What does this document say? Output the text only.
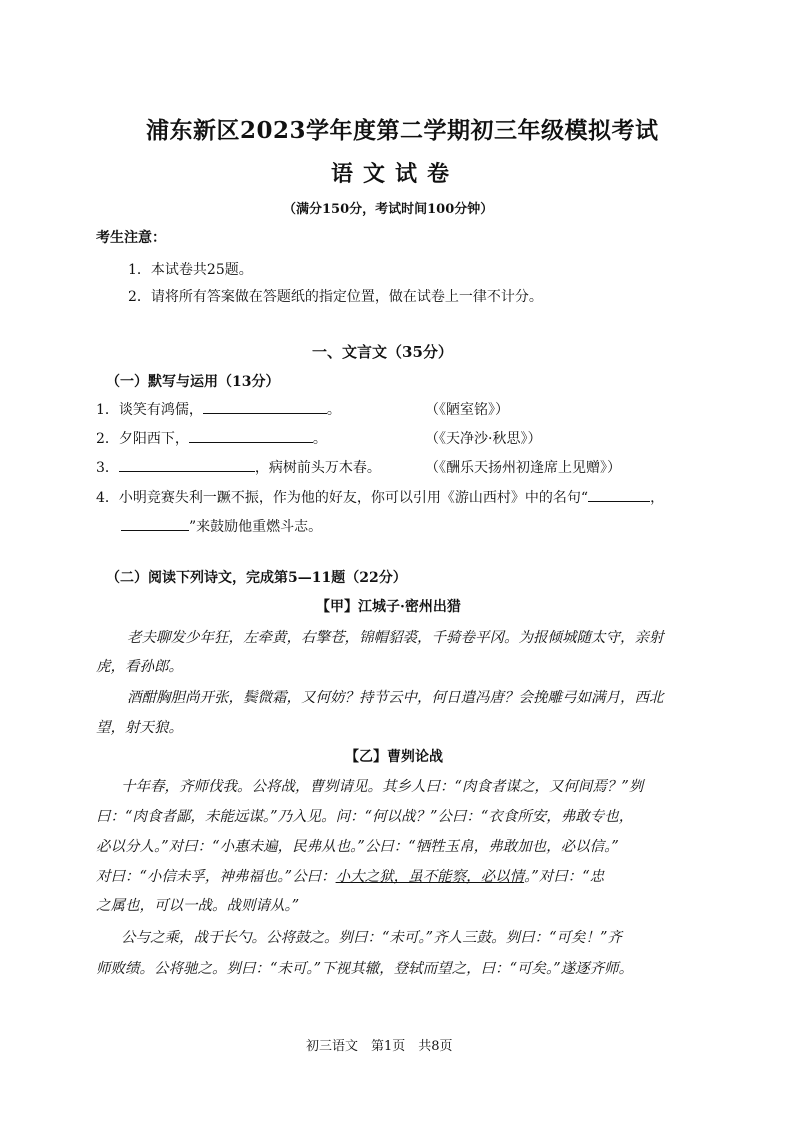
浦东新区2023学年度第二学期初三年级模拟考试
语文试卷
（满分150分，考试时间100分钟）
考生注意：
1．本试卷共25题。
2．请将所有答案做在答题纸的指定位置，做在试卷上一律不计分。
一、文言文（35分）
（一）默写与运用（13分）
1．谈笑有鸿儒，	。	（《陋室铭》）
2．夕阳西下，	。	（《天净沙·秋思》）
3．	，病树前头万木春。	（《酬乐天扬州初逢席上见赠》）
4．小明竞赛失利一蹶不振，作为他的好友，你可以引用《游山西村》中的名句“	，
”来鼓励他重燃斗志。
（二）阅读下列诗文，完成第5—11题（22分）
【甲】江城子·密州出猎
老夫聊发少年狂，左牵黄，右擎苍，锦帽貂裘，千骑卷平冈。为报倾城随太守，亲射
虎，看孙郎。
酒酣胸胆尚开张，鬓微霜，又何妨？持节云中，何日遣冯唐？会挽雕弓如满月，西北
望，射天狼。
【乙】曹刿论战
十年春，齐师伐我。公将战，曹刿请见。其乡人曰：“肉食者谋之，又何间焉？”刿
曰：“肉食者鄙，未能远谋。”乃入见。问：“何以战？”公曰：“衣食所安，弗敢专也，
必以分人。”对曰：“小惠未遍，民弗从也。”公曰：“牺牲玉帛，弗敢加也，必以信。”
对曰：“小信未孚，神弗福也。”公曰：小大之狱，虽不能察，必以情。”对曰：“忠
之属也，可以一战。战则请从。”
公与之乘，战于长勺。公将鼓之。刿曰：“未可。”齐人三鼓。刿曰：“可矣！”齐
师败绩。公将驰之。刿曰：“未可。”下视其辙，登轼而望之，曰：“可矣。”遂逐齐师。
初三语文　第1页　共8页
